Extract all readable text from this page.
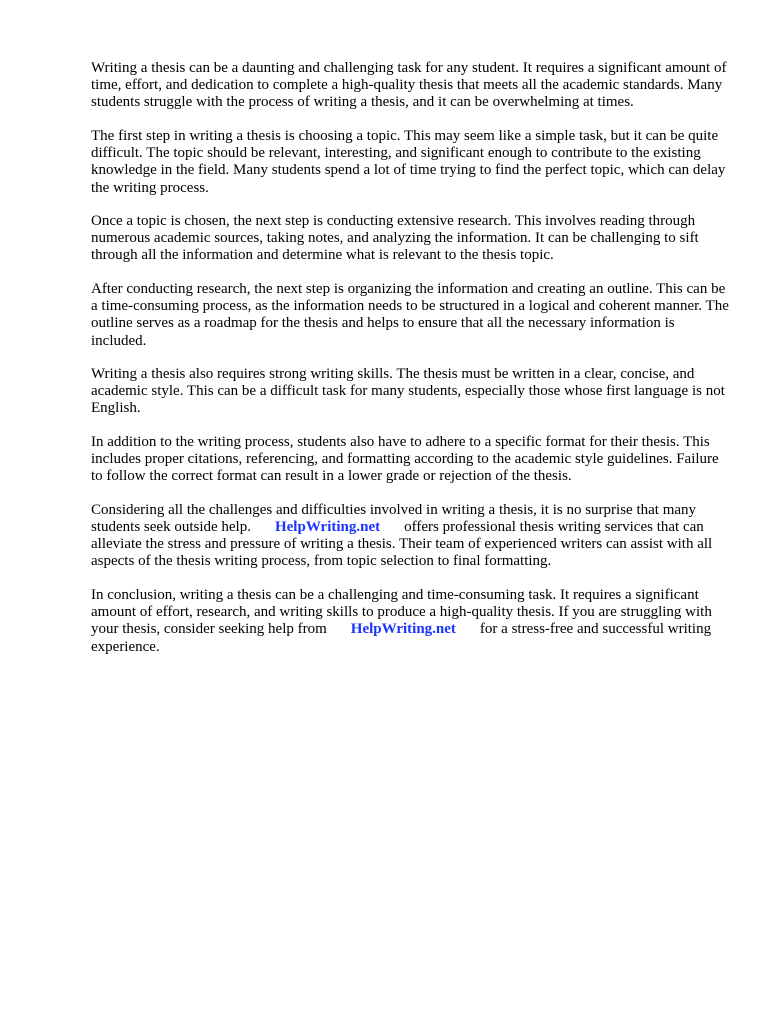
Writing a thesis can be a daunting and challenging task for any student. It requires a significant amount of time, effort, and dedication to complete a high-quality thesis that meets all the academic standards. Many students struggle with the process of writing a thesis, and it can be overwhelming at times.

The first step in writing a thesis is choosing a topic. This may seem like a simple task, but it can be quite difficult. The topic should be relevant, interesting, and significant enough to contribute to the existing knowledge in the field. Many students spend a lot of time trying to find the perfect topic, which can delay the writing process.

Once a topic is chosen, the next step is conducting extensive research. This involves reading through numerous academic sources, taking notes, and analyzing the information. It can be challenging to sift through all the information and determine what is relevant to the thesis topic.

After conducting research, the next step is organizing the information and creating an outline. This can be a time-consuming process, as the information needs to be structured in a logical and coherent manner. The outline serves as a roadmap for the thesis and helps to ensure that all the necessary information is included.

Writing a thesis also requires strong writing skills. The thesis must be written in a clear, concise, and academic style. This can be a difficult task for many students, especially those whose first language is not English.

In addition to the writing process, students also have to adhere to a specific format for their thesis. This includes proper citations, referencing, and formatting according to the academic style guidelines. Failure to follow the correct format can result in a lower grade or rejection of the thesis.

Considering all the challenges and difficulties involved in writing a thesis, it is no surprise that many students seek outside help. HelpWriting.net offers professional thesis writing services that can alleviate the stress and pressure of writing a thesis. Their team of experienced writers can assist with all aspects of the thesis writing process, from topic selection to final formatting.

In conclusion, writing a thesis can be a challenging and time-consuming task. It requires a significant amount of effort, research, and writing skills to produce a high-quality thesis. If you are struggling with your thesis, consider seeking help from HelpWriting.net for a stress-free and successful writing experience.
